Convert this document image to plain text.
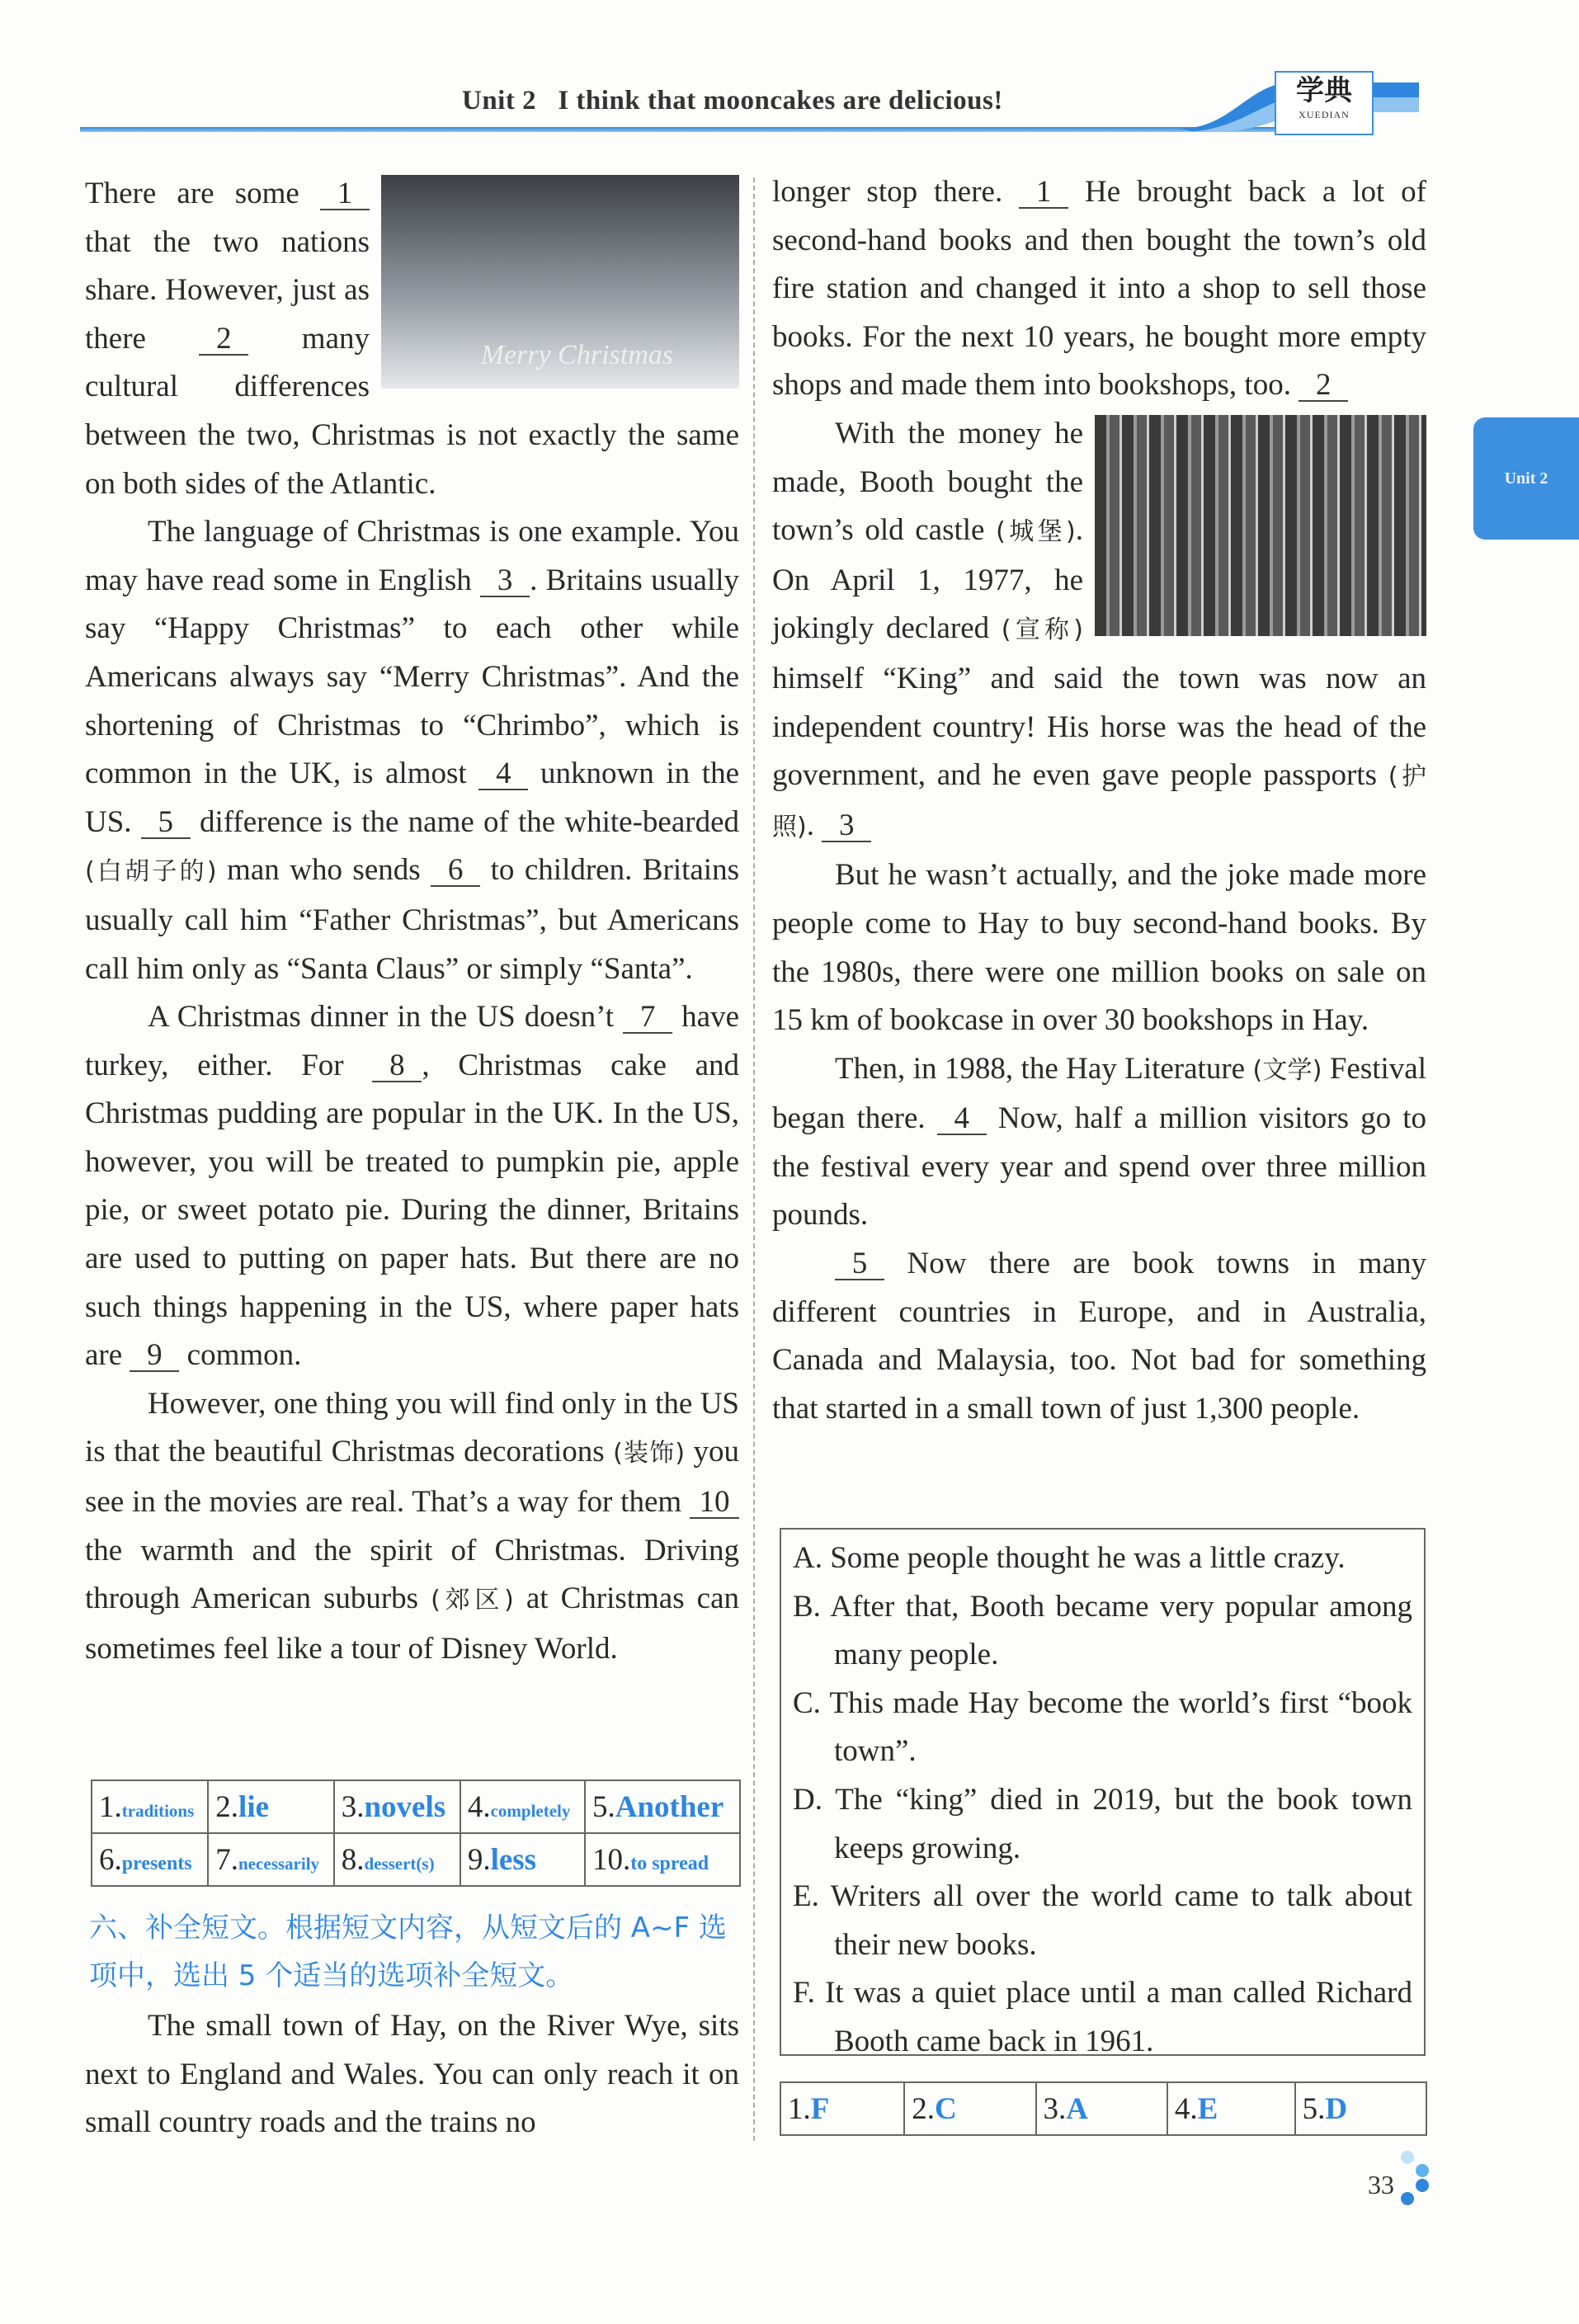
Unit 2   I think that mooncakes are delicious!	学典
XUEDIAN
Unit 2

Merry Christmas
There are some 1 that the two nations share. However, just as there 2 many cultural differences between the two, Christmas is not exactly the same on both sides of the Atlantic.

The language of Christmas is one example. You may have read some in English 3 . Britains usually say “Happy Christmas” to each other while Americans always say “Merry Christmas”. And the shortening of Christmas to “Chrimbo”, which is common in the UK, is almost 4 unknown in the US. 5 difference is the name of the white-bearded (白胡子的) man who sends 6 to children. Britains usually call him “Father Christmas”, but Americans call him only as “Santa Claus” or simply “Santa”.

A Christmas dinner in the US doesn’t 7 have turkey, either. For 8 , Christmas cake and Christmas pudding are popular in the UK. In the US, however, you will be treated to pumpkin pie, apple pie, or sweet potato pie. During the dinner, Britains are used to putting on paper hats. But there are no such things happening in the US, where paper hats are 9 common.

However, one thing you will find only in the US is that the beautiful Christmas decorations (装饰) you see in the movies are real. That’s a way for them 10 the warmth and the spirit of Christmas. Driving through American suburbs (郊区) at Christmas can sometimes feel like a tour of Disney World.

1.traditions	2.lie	3.novels	4.completely	5.Another
6.presents	7.necessarily	8.dessert(s)	9.less	10.to spread
六、补全短文。根据短文内容，从短文后的 A~F 选项中，选出 5 个适当的选项补全短文。

The small town of Hay, on the River Wye, sits next to England and Wales. You can only reach it on small country roads and the trains no

longer stop there. 1 He brought back a lot of second-hand books and then bought the town’s old fire station and changed it into a shop to sell those books. For the next 10 years, he bought more empty shops and made them into bookshops, too. 2

With the money he made, Booth bought the town’s old castle (城堡). On April 1, 1977, he jokingly declared (宣称) himself “King” and said the town was now an independent country! His horse was the head of the government, and he even gave people passports (护照). 3

But he wasn’t actually, and the joke made more people come to Hay to buy second-hand books. By the 1980s, there were one million books on sale on 15 km of bookcase in over 30 bookshops in Hay.

Then, in 1988, the Hay Literature (文学) Festival began there. 4 Now, half a million visitors go to the festival every year and spend over three million pounds.

5 Now there are book towns in many different countries in Europe, and in Australia, Canada and Malaysia, too. Not bad for something that started in a small town of just 1,300 people.

A. Some people thought he was a little crazy.
B. After that, Booth became very popular among many people.
C. This made Hay become the world’s first “book town”.
D. The “king” died in 2019, but the book town keeps growing.
E. Writers all over the world came to talk about their new books.
F. It was a quiet place until a man called Richard Booth came back in 1961.
1.F	2.C	3.A	4.E	5.D
33
